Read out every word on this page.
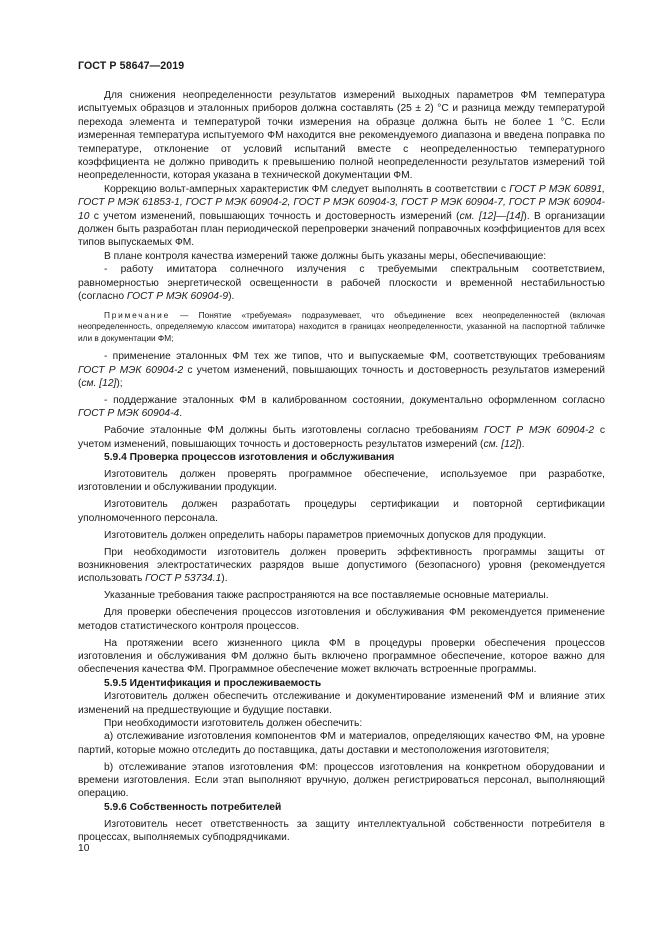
ГОСТ Р 58647—2019

Для снижения неопределенности результатов измерений выходных параметров ФМ температура испытуемых образцов и эталонных приборов должна составлять (25 ± 2) °С и разница между температурой перехода элемента и температурой точки измерения на образце должна быть не более 1 °С. Если измеренная температура испытуемого ФМ находится вне рекомендуемого диапазона и введена поправка по температуре, отклонение от условий испытаний вместе с неопределенностью температурного коэффициента не должно приводить к превышению полной неопределенности результатов измерений той неопределенности, которая указана в технической документации ФМ.

Коррекцию вольт-амперных характеристик ФМ следует выполнять в соответствии с ГОСТ Р МЭК 60891, ГОСТ Р МЭК 61853-1, ГОСТ Р МЭК 60904-2, ГОСТ Р МЭК 60904-3, ГОСТ Р МЭК 60904-7, ГОСТ Р МЭК 60904-10 с учетом изменений, повышающих точность и достоверность измерений (см. [12]—[14]). В организации должен быть разработан план периодической перепроверки значений поправочных коэффициентов для всех типов выпускаемых ФМ.

В плане контроля качества измерений также должны быть указаны меры, обеспечивающие:

- работу имитатора солнечного излучения с требуемыми спектральным соответствием, равномерностью энергетической освещенности в рабочей плоскости и временной нестабильностью (согласно ГОСТ Р МЭК 60904-9).

Примечание — Понятие «требуемая» подразумевает, что объединение всех неопределенностей (включая неопределенность, определяемую классом имитатора) находится в границах неопределенности, указанной на паспортной табличке или в документации ФМ;

- применение эталонных ФМ тех же типов, что и выпускаемые ФМ, соответствующих требованиям ГОСТ Р МЭК 60904-2 с учетом изменений, повышающих точность и достоверность результатов измерений (см. [12]);

- поддержание эталонных ФМ в калиброванном состоянии, документально оформленном согласно ГОСТ Р МЭК 60904-4.

Рабочие эталонные ФМ должны быть изготовлены согласно требованиям ГОСТ Р МЭК 60904-2 с учетом изменений, повышающих точность и достоверность результатов измерений (см. [12]).

5.9.4 Проверка процессов изготовления и обслуживания

Изготовитель должен проверять программное обеспечение, используемое при разработке, изготовлении и обслуживании продукции.

Изготовитель должен разработать процедуры сертификации и повторной сертификации уполномоченного персонала.

Изготовитель должен определить наборы параметров приемочных допусков для продукции.

При необходимости изготовитель должен проверить эффективность программы защиты от возникновения электростатических разрядов выше допустимого (безопасного) уровня (рекомендуется использовать ГОСТ Р 53734.1).

Указанные требования также распространяются на все поставляемые основные материалы.

Для проверки обеспечения процессов изготовления и обслуживания ФМ рекомендуется применение методов статистического контроля процессов.

На протяжении всего жизненного цикла ФМ в процедуры проверки обеспечения процессов изготовления и обслуживания ФМ должно быть включено программное обеспечение, которое важно для обеспечения качества ФМ. Программное обеспечение может включать встроенные программы.

5.9.5 Идентификация и прослеживаемость

Изготовитель должен обеспечить отслеживание и документирование изменений ФМ и влияние этих изменений на предшествующие и будущие поставки.

При необходимости изготовитель должен обеспечить:

а) отслеживание изготовления компонентов ФМ и материалов, определяющих качество ФМ, на уровне партий, которые можно отследить до поставщика, даты доставки и местоположения изготовителя;

b) отслеживание этапов изготовления ФМ: процессов изготовления на конкретном оборудовании и времени изготовления. Если этап выполняют вручную, должен регистрироваться персонал, выполняющий операцию.

5.9.6 Собственность потребителей

Изготовитель несет ответственность за защиту интеллектуальной собственности потребителя в процессах, выполняемых субподрядчиками.

10
